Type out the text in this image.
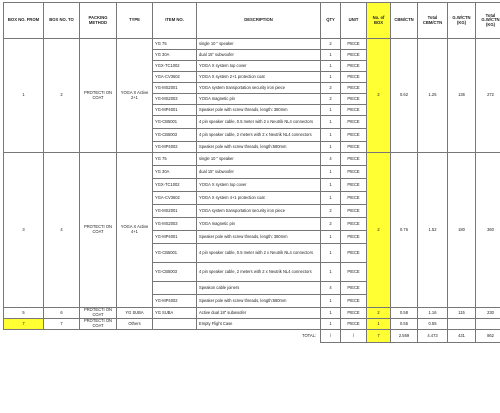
BOX NO. FROM	BOX NO. TO	PACKING METHOD	TYPE	ITEM NO.	DESCRIPTION	QTY	UNIT	No. of BOX	CBM/CTN	Total CBM/CTN	G.W/CTN (KG)	Total G.W/CTN (KG)
1	2	PROTECTI ON COAT	YOGA X Active 2+1	YG 75	single 10 " speaker	2	PIECE	2	0.62	1.25	136	272
				YG 30A	dual 15" subwoofer	1	PIECE					
				YGX-TC1002	YOGA X system top cover	1	PIECE					
				YGA-CV3602	YOGA X system 2+1 protection coat	1	PIECE					
				YG-MS2001	YOGA system transportation security iron piece	2	PIECE					
				YG-MS2003	YOGA magnetic pin	2	PIECE					
				YG-MP4001	Speaker pole with screw threads, length: 380mm	1	PIECE					
				YG-CB5001	4 pin speaker cable, 0.5 meter with 2 x Neutrik NL4 connectors	1	PIECE					
				YG-CB5003	4 pin speaker cable, 2 meters with 2 x Neutrik NL4 connectors	1	PIECE					
				YG-MP4002	Speaker pole with screw threads, length:580mm	1	PIECE					
3	4	PROTECTI ON COAT	YOGA X Active 4+1	YG 75	single 10 " speaker	4	PIECE	2	0.76	1.52	180	360
				YG 30A	dual 15" subwoofer	1	PIECE					
				YGX-TC1002	YOGA X system top cover	1	PIECE					
				YGA-CV3602	YOGA X system 4+1 protection coat	1	PIECE					
				YG-MS2001	YOGA system transportation security iron piece	2	PIECE					
				YG-MS2003	YOGA magnetic pin	2	PIECE					
				YG-MP4001	Speaker pole with screw threads, length: 380mm	1	PIECE					
				YG-CB5001	4 pin speaker cable, 0.5 meter with 2 x Neutrik NL4 connectors	1	PIECE					
				YG-CB5003	4 pin speaker cable, 2 meters with 2 x Neutrik NL4 connectors	1	PIECE					
					Speakon cable joiners	4	PIECE					
				YG-MP4002	Speaker pole with screw threads, length:580mm	1	PIECE					
5	6	PROTECTI ON COAT	YG SUBA	YG SUBA	Active dual 18" subwoofer	1	PIECE	2	0.58	1.16	115	230
7	7	PROTECTI ON COAT	Others		Empty Flight Case	1	PIECE	1	0.55	0.55		
TOTAL:						/	/	7	2.569	4.473	431	862
